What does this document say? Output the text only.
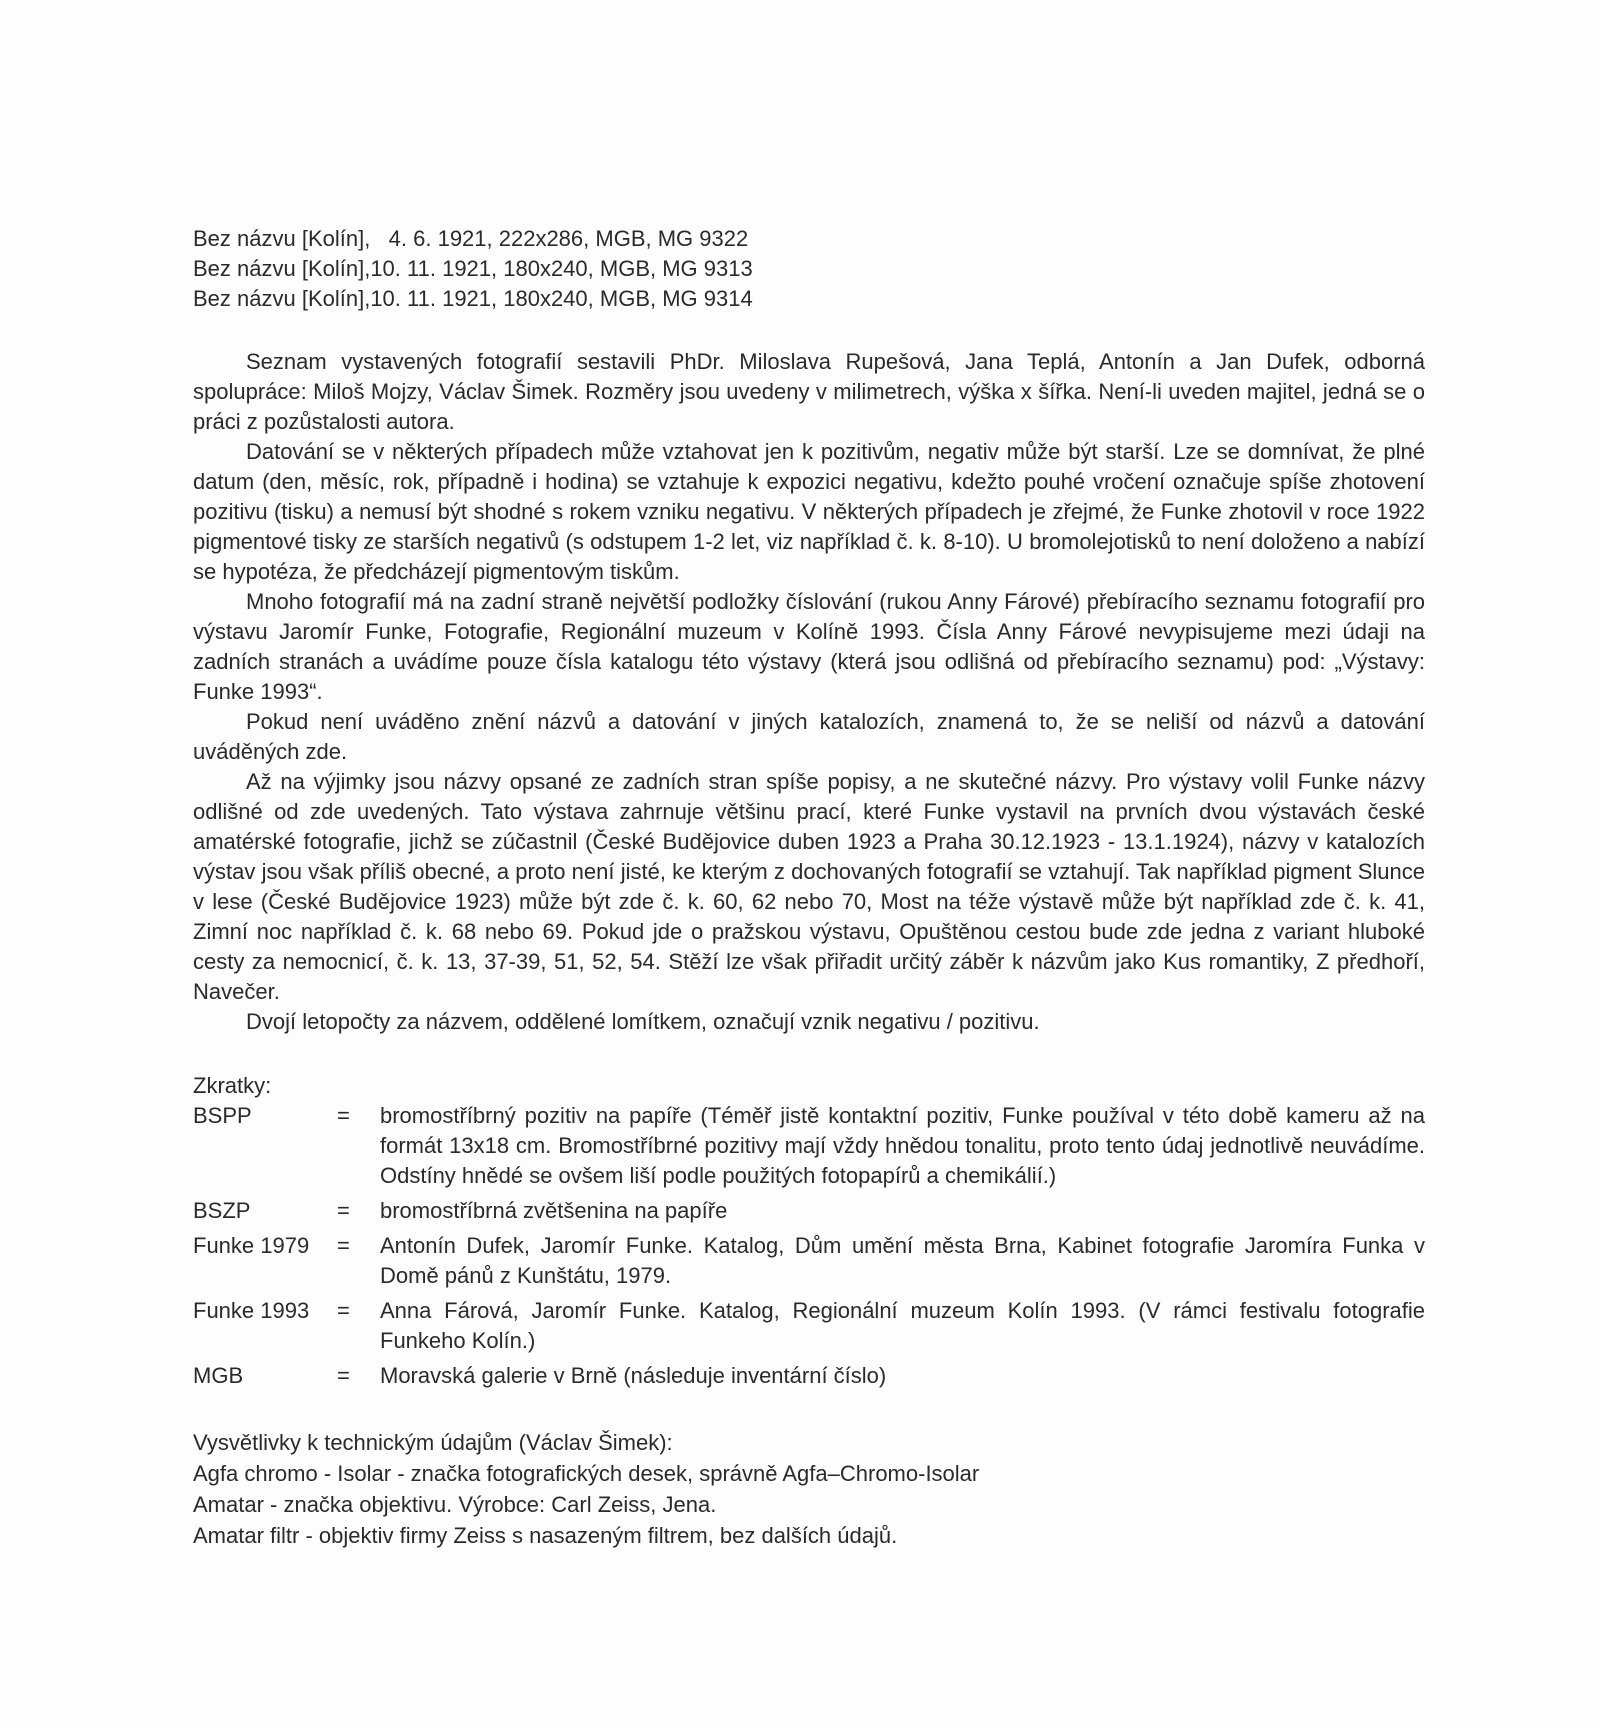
Bez názvu [Kolín],   4. 6. 1921, 222x286, MGB, MG 9322
Bez názvu [Kolín],10. 11. 1921, 180x240, MGB, MG 9313
Bez názvu [Kolín],10. 11. 1921, 180x240, MGB, MG 9314

Seznam vystavených fotografií sestavili PhDr. Miloslava Rupešová, Jana Teplá, Antonín a Jan Dufek, odborná spolupráce: Miloš Mojzy, Václav Šimek. Rozměry jsou uvedeny v milimetrech, výška x šířka. Není-li uveden majitel, jedná se o práci z pozůstalosti autora.

Datování se v některých případech může vztahovat jen k pozitivům, negativ může být starší. Lze se domnívat, že plné datum (den, měsíc, rok, případně i hodina) se vztahuje k expozici negativu, kdežto pouhé vročení označuje spíše zhotovení pozitivu (tisku) a nemusí být shodné s rokem vzniku negativu. V některých případech je zřejmé, že Funke zhotovil v roce 1922 pigmentové tisky ze starších negativů (s odstupem 1-2 let, viz například č. k. 8-10). U bromolejotisků to není doloženo a nabízí se hypotéza, že předcházejí pigmentovým tiskům.

Mnoho fotografií má na zadní straně největší podložky číslování (rukou Anny Fárové) přebíracího seznamu fotografií pro výstavu Jaromír Funke, Fotografie, Regionální muzeum v Kolíně 1993. Čísla Anny Fárové nevypisujeme mezi údaji na zadních stranách a uvádíme pouze čísla katalogu této výstavy (která jsou odlišná od přebíracího seznamu) pod: „Výstavy: Funke 1993“.

Pokud není uváděno znění názvů a datování v jiných katalozích, znamená to, že se neliší od názvů a datování uváděných zde.

Až na výjimky jsou názvy opsané ze zadních stran spíše popisy, a ne skutečné názvy. Pro výstavy volil Funke názvy odlišné od zde uvedených. Tato výstava zahrnuje většinu prací, které Funke vystavil na prvních dvou výstavách české amatérské fotografie, jichž se zúčastnil (České Budějovice duben 1923 a Praha 30.12.1923 - 13.1.1924), názvy v katalozích výstav jsou však příliš obecné, a proto není jisté, ke kterým z dochovaných fotografií se vztahují. Tak například pigment Slunce v lese (České Budějovice 1923) může být zde č. k. 60, 62 nebo 70, Most na téže výstavě může být například zde č. k. 41, Zimní noc například č. k. 68 nebo 69. Pokud jde o pražskou výstavu, Opuštěnou cestou bude zde jedna z variant hluboké cesty za nemocnicí, č. k. 13, 37-39, 51, 52, 54. Stěží lze však přiřadit určitý záběr k názvům jako Kus romantiky, Z předhoří, Navečer.

Dvojí letopočty za názvem, oddělené lomítkem, označují vznik negativu / pozitivu.

Zkratky:
BSPP	=	bromostříbrný pozitiv na papíře (Téměř jistě kontaktní pozitiv, Funke používal v této době kameru až na formát 13x18 cm. Bromostříbrné pozitivy mají vždy hnědou tonalitu, proto tento údaj jednotlivě neuvádíme. Odstíny hnědé se ovšem liší podle použitých fotopapírů a chemikálií.)
BSZP	=	bromostříbrná zvětšenina na papíře
Funke 1979	=	Antonín Dufek, Jaromír Funke. Katalog, Dům umění města Brna, Kabinet fotografie Jaromíra Funka v Domě pánů z Kunštátu, 1979.
Funke 1993	=	Anna Fárová, Jaromír Funke. Katalog, Regionální muzeum Kolín 1993. (V rámci festivalu fotografie Funkeho Kolín.)
MGB	=	Moravská galerie v Brně (následuje inventární číslo)
Vysvětlivky k technickým údajům (Václav Šimek):
Agfa chromo - Isolar - značka fotografických desek, správně Agfa–Chromo-Isolar
Amatar - značka objektivu. Výrobce: Carl Zeiss, Jena.
Amatar filtr - objektiv firmy Zeiss s nasazeným filtrem, bez dalších údajů.
